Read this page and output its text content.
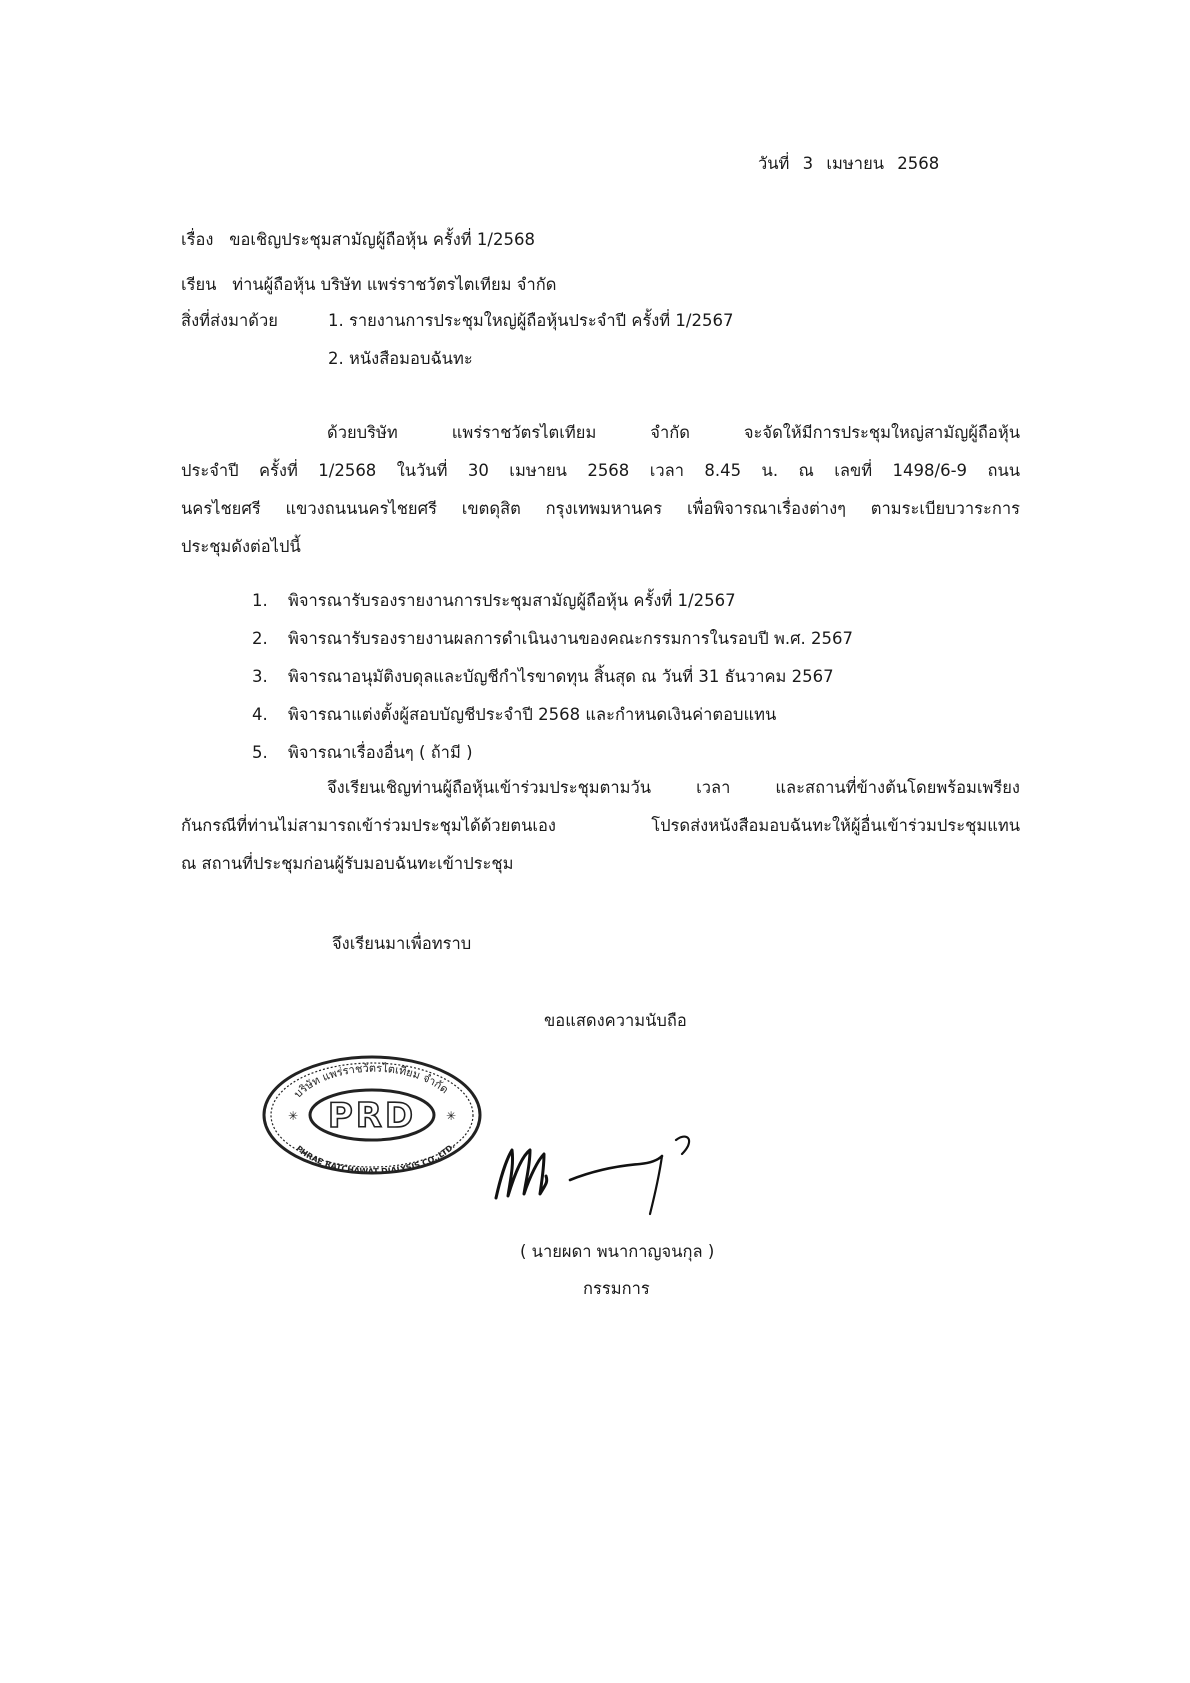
วันที่ 3 เมษายน 2568
เรื่อง ขอเชิญประชุมสามัญผู้ถือหุ้น ครั้งที่ 1/2568
เรียน ท่านผู้ถือหุ้น บริษัท แพร่ราชวัตรไตเทียม จำกัด
สิ่งที่ส่งมาด้วย	1. รายงานการประชุมใหญ่ผู้ถือหุ้นประจำปี ครั้งที่ 1/2567
2. หนังสือมอบฉันทะ
ด้วยบริษัท แพร่ราชวัตรไตเทียม จำกัด จะจัดให้มีการประชุมใหญ่สามัญผู้ถือหุ้น
ประจำปี ครั้งที่ 1/2568 ในวันที่ 30 เมษายน 2568 เวลา 8.45 น. ณ เลขที่ 1498/6-9 ถนน
นครไชยศรี แขวงถนนนครไชยศรี เขตดุสิต กรุงเทพมหานคร เพื่อพิจารณาเรื่องต่างๆ ตามระเบียบวาระการ
ประชุมดังต่อไปนี้
1. พิจารณารับรองรายงานการประชุมสามัญผู้ถือหุ้น ครั้งที่ 1/2567
2. พิจารณารับรองรายงานผลการดำเนินงานของคณะกรรมการในรอบปี พ.ศ. 2567
3. พิจารณาอนุมัติงบดุลและบัญชีกำไรขาดทุน สิ้นสุด ณ วันที่ 31 ธันวาคม 2567
4. พิจารณาแต่งตั้งผู้สอบบัญชีประจำปี 2568 และกำหนดเงินค่าตอบแทน
5. พิจารณาเรื่องอื่นๆ ( ถ้ามี )
จึงเรียนเชิญท่านผู้ถือหุ้นเข้าร่วมประชุมตามวัน เวลา และสถานที่ข้างต้นโดยพร้อมเพรียง
กันกรณีที่ท่านไม่สามารถเข้าร่วมประชุมได้ด้วยตนเอง โปรดส่งหนังสือมอบฉันทะให้ผู้อื่นเข้าร่วมประชุมแทน
ณ สถานที่ประชุมก่อนผู้รับมอบฉันทะเข้าประชุม
จึงเรียนมาเพื่อทราบ
ขอแสดงความนับถือ
บริษัท แพร่ราชวัตรไตเทียม จำกัด
PRD
PHRAE RATCHAWAT DIALYSIS CO.,LTD.
✳	✳
( นายผดา พนากาญจนกุล )
กรรมการ
